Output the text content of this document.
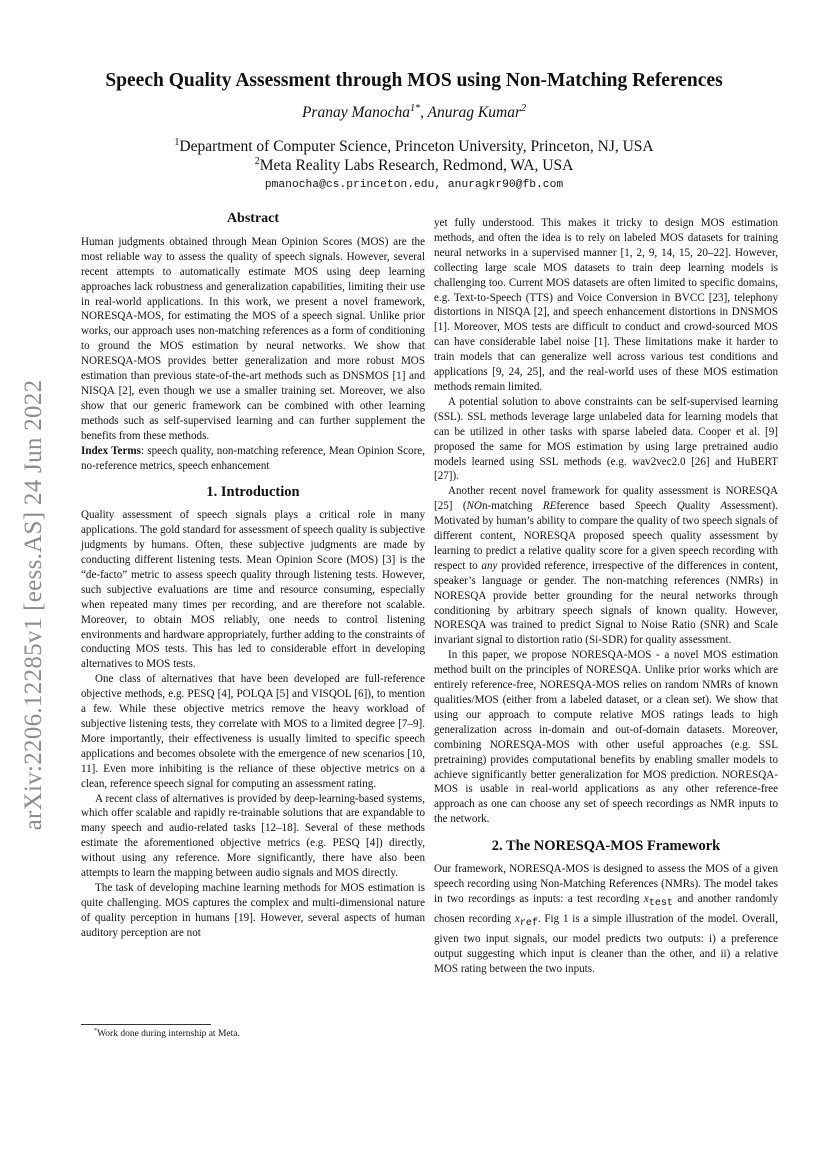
arXiv:2206.12285v1 [eess.AS] 24 Jun 2022
Speech Quality Assessment through MOS using Non-Matching References
Pranay Manocha$^{1*}$, Anurag Kumar$^2$
$^1$Department of Computer Science, Princeton University, Princeton, NJ, USA
$^2$Meta Reality Labs Research, Redmond, WA, USA
pmanocha@cs.princeton.edu, anuragkr90@fb.com
Abstract

Human judgments obtained through Mean Opinion Scores (MOS) are the most reliable way to assess the quality of speech signals. However, several recent attempts to automatically estimate MOS using deep learning approaches lack robustness and generalization capabilities, limiting their use in real-world applications. In this work, we present a novel framework, NORESQA-MOS, for estimating the MOS of a speech signal. Unlike prior works, our approach uses non-matching references as a form of conditioning to ground the MOS estimation by neural networks. We show that NORESQA-MOS provides better generalization and more robust MOS estimation than previous state-of-the-art methods such as DNSMOS [1] and NISQA [2], even though we use a smaller training set. Moreover, we also show that our generic framework can be combined with other learning methods such as self-supervised learning and can further supplement the benefits from these methods.

Index Terms: speech quality, non-matching reference, Mean Opinion Score, no-reference metrics, speech enhancement

1. Introduction

Quality assessment of speech signals plays a critical role in many applications. The gold standard for assessment of speech quality is subjective judgments by humans. Often, these subjective judgments are made by conducting different listening tests. Mean Opinion Score (MOS) [3] is the “de-facto” metric to assess speech quality through listening tests. However, such subjective evaluations are time and resource consuming, especially when repeated many times per recording, and are therefore not scalable. Moreover, to obtain MOS reliably, one needs to control listening environments and hardware appropriately, further adding to the constraints of conducting MOS tests. This has led to considerable effort in developing alternatives to MOS tests.

One class of alternatives that have been developed are full-reference objective methods, e.g. PESQ [4], POLQA [5] and VISQOL [6]), to mention a few. While these objective metrics remove the heavy workload of subjective listening tests, they correlate with MOS to a limited degree [7–9]. More importantly, their effectiveness is usually limited to specific speech applications and becomes obsolete with the emergence of new scenarios [10, 11]. Even more inhibiting is the reliance of these objective metrics on a clean, reference speech signal for computing an assessment rating.

A recent class of alternatives is provided by deep-learning-based systems, which offer scalable and rapidly re-trainable solutions that are expandable to many speech and audio-related tasks [12–18]. Several of these methods estimate the aforementioned objective metrics (e.g. PESQ [4]) directly, without using any reference. More significantly, there have also been attempts to learn the mapping between audio signals and MOS directly.

The task of developing machine learning methods for MOS estimation is quite challenging. MOS captures the complex and multi-dimensional nature of quality perception in humans [19]. However, several aspects of human auditory perception are not

yet fully understood. This makes it tricky to design MOS estimation methods, and often the idea is to rely on labeled MOS datasets for training neural networks in a supervised manner [1, 2, 9, 14, 15, 20–22]. However, collecting large scale MOS datasets to train deep learning models is challenging too. Current MOS datasets are often limited to specific domains, e.g. Text-to-Speech (TTS) and Voice Conversion in BVCC [23], telephony distortions in NISQA [2], and speech enhancement distortions in DNSMOS [1]. Moreover, MOS tests are difficult to conduct and crowd-sourced MOS can have considerable label noise [1]. These limitations make it harder to train models that can generalize well across various test conditions and applications [9, 24, 25], and the real-world uses of these MOS estimation methods remain limited.

A potential solution to above constraints can be self-supervised learning (SSL). SSL methods leverage large unlabeled data for learning models that can be utilized in other tasks with sparse labeled data. Cooper et al. [9] proposed the same for MOS estimation by using large pretrained audio models learned using SSL methods (e.g. wav2vec2.0 [26] and HuBERT [27]).

Another recent novel framework for quality assessment is NORESQA [25] (NOn-matching REference based Speech Quality Assessment). Motivated by human’s ability to compare the quality of two speech signals of different content, NORESQA proposed speech quality assessment by learning to predict a relative quality score for a given speech recording with respect to any provided reference, irrespective of the differences in content, speaker’s language or gender. The non-matching references (NMRs) in NORESQA provide better grounding for the neural networks through conditioning by arbitrary speech signals of known quality. However, NORESQA was trained to predict Signal to Noise Ratio (SNR) and Scale invariant signal to distortion ratio (Si-SDR) for quality assessment.

In this paper, we propose NORESQA-MOS - a novel MOS estimation method built on the principles of NORESQA. Unlike prior works which are entirely reference-free, NORESQA-MOS relies on random NMRs of known qualities/MOS (either from a labeled dataset, or a clean set). We show that using our approach to compute relative MOS ratings leads to high generalization across in-domain and out-of-domain datasets. Moreover, combining NORESQA-MOS with other useful approaches (e.g. SSL pretraining) provides computational benefits by enabling smaller models to achieve significantly better generalization for MOS prediction. NORESQA-MOS is usable in real-world applications as any other reference-free approach as one can choose any set of speech recordings as NMR inputs to the network.

2. The NORESQA-MOS Framework

Our framework, NORESQA-MOS is designed to assess the MOS of a given speech recording using Non-Matching References (NMRs). The model takes in two recordings as inputs: a test recording $x_{test}$ and another randomly chosen recording $x_{ref}$. Fig 1 is a simple illustration of the model. Overall, given two input signals, our model predicts two outputs: i) a preference output suggesting which input is cleaner than the other, and ii) a relative MOS rating between the two inputs.

*Work done during internship at Meta.
